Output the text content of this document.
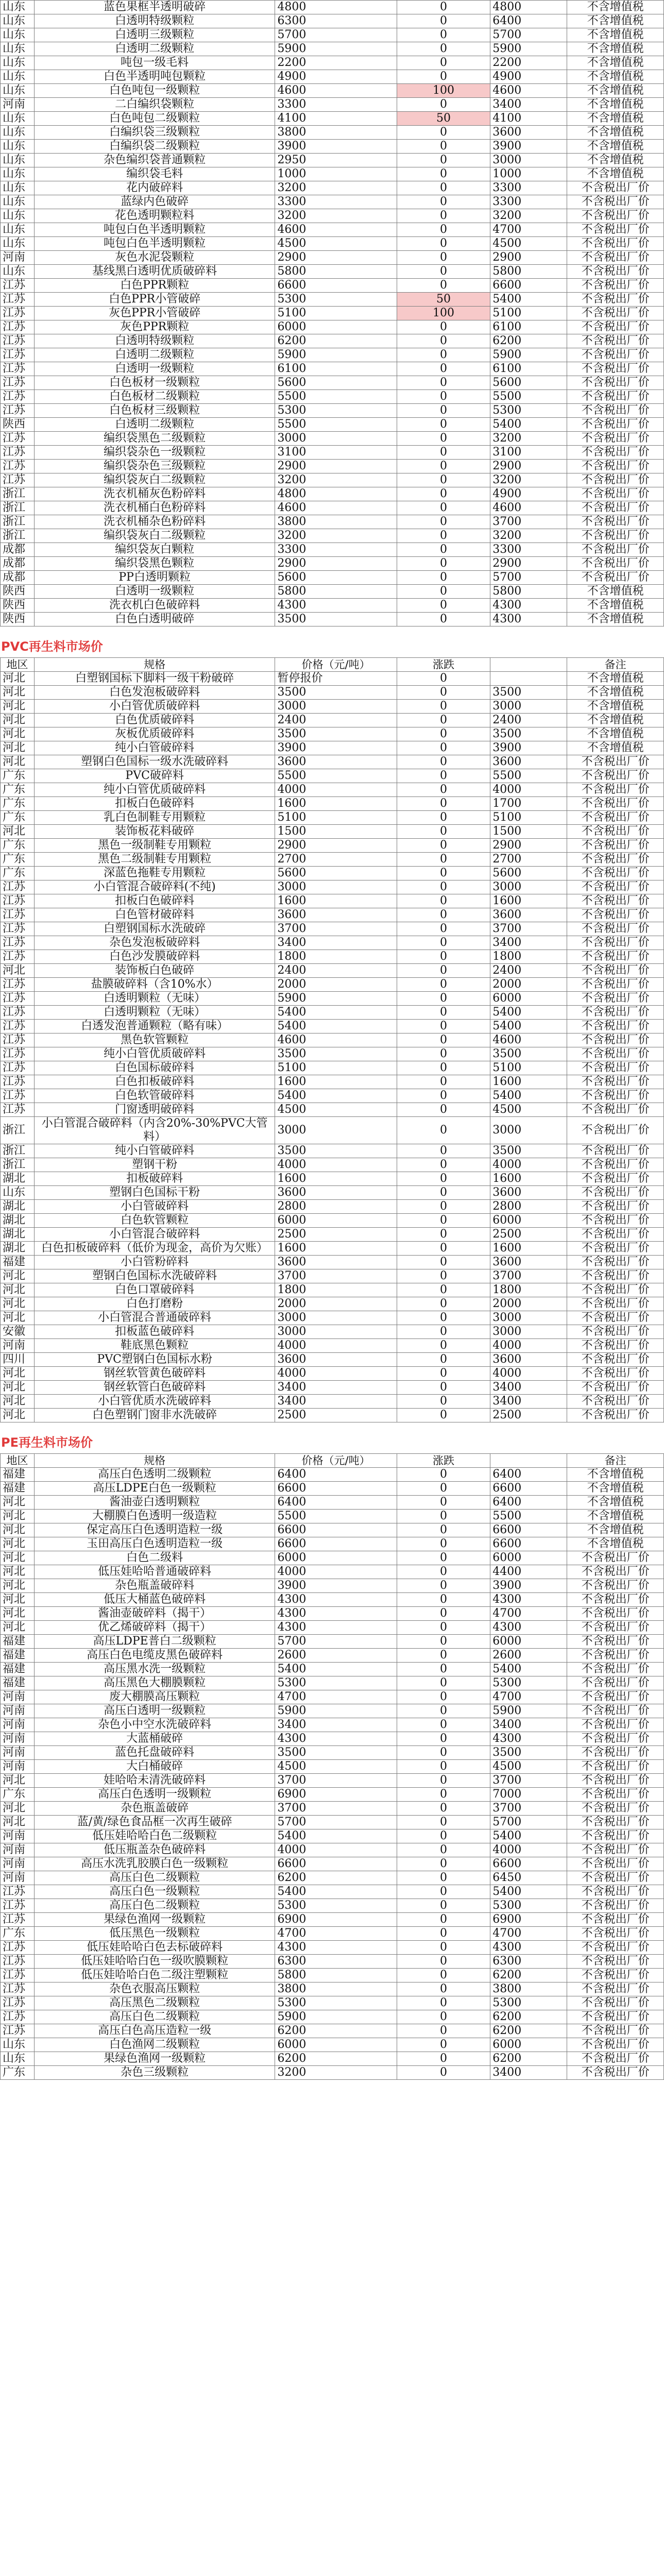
山东	蓝色果框半透明破碎	4800	0	4800	不含增值税
山东	白透明特级颗粒	6300	0	6400	不含增值税
山东	白透明三级颗粒	5700	0	5700	不含增值税
山东	白透明二级颗粒	5900	0	5900	不含增值税
山东	吨包一级毛料	2200	0	2200	不含增值税
山东	白色半透明吨包颗粒	4900	0	4900	不含增值税
山东	白色吨包一级颗粒	4600	100	4600	不含增值税
河南	二白编织袋颗粒	3300	0	3400	不含增值税
山东	白色吨包二级颗粒	4100	50	4100	不含增值税
山东	白编织袋三级颗粒	3800	0	3600	不含增值税
山东	白编织袋二级颗粒	3900	0	3900	不含增值税
山东	杂色编织袋普通颗粒	2950	0	3000	不含增值税
山东	编织袋毛料	1000	0	1000	不含增值税
山东	花内破碎料	3200	0	3300	不含税出厂价
山东	蓝绿内色破碎	3300	0	3300	不含税出厂价
山东	花色透明颗粒料	3200	0	3200	不含税出厂价
山东	吨包白色半透明颗粒	4600	0	4700	不含税出厂价
山东	吨包白色半透明颗粒	4500	0	4500	不含税出厂价
河南	灰色水泥袋颗粒	2900	0	2900	不含税出厂价
山东	基线黑白透明优质破碎料	5800	0	5800	不含税出厂价
江苏	白色PPR颗粒	6600	0	6600	不含税出厂价
江苏	白色PPR小管破碎	5300	50	5400	不含税出厂价
江苏	灰色PPR小管破碎	5100	100	5100	不含税出厂价
江苏	灰色PPR颗粒	6000	0	6100	不含税出厂价
江苏	白透明特级颗粒	6200	0	6200	不含税出厂价
江苏	白透明二级颗粒	5900	0	5900	不含税出厂价
江苏	白透明一级颗粒	6100	0	6100	不含税出厂价
江苏	白色板材一级颗粒	5600	0	5600	不含税出厂价
江苏	白色板材二级颗粒	5500	0	5500	不含税出厂价
江苏	白色板材三级颗粒	5300	0	5300	不含税出厂价
陕西	白透明二级颗粒	5500	0	5400	不含税出厂价
江苏	编织袋黑色二级颗粒	3000	0	3200	不含税出厂价
江苏	编织袋杂色一级颗粒	3100	0	3100	不含税出厂价
江苏	编织袋杂色三级颗粒	2900	0	2900	不含税出厂价
江苏	编织袋灰白二级颗粒	3200	0	3200	不含税出厂价
浙江	洗衣机桶灰色粉碎料	4800	0	4900	不含税出厂价
浙江	洗衣机桶白色粉碎料	4600	0	4600	不含税出厂价
浙江	洗衣机桶杂色粉碎料	3800	0	3700	不含税出厂价
浙江	编织袋灰白二级颗粒	3200	0	3200	不含税出厂价
成都	编织袋灰白颗粒	3300	0	3300	不含税出厂价
成都	编织袋黑色颗粒	2900	0	2900	不含税出厂价
成都	PP白透明颗粒	5600	0	5700	不含税出厂价
陕西	白透明一级颗粒	5800	0	5800	不含增值税
陕西	洗衣机白色破碎料	4300	0	4300	不含增值税
陕西	白色白透明破碎	3500	0	4300	不含增值税
PVC再生料市场价
地区	规格	价格（元/吨）	涨跌		备注
河北	白塑钢国标下脚料一级干粉破碎	暂停报价	0		不含增值税
河北	白色发泡板破碎料	3500	0	3500	不含增值税
河北	小白管优质破碎料	3000	0	3000	不含增值税
河北	白色优质破碎料	2400	0	2400	不含增值税
河北	灰板优质破碎料	3500	0	3500	不含增值税
河北	纯小白管破碎料	3900	0	3900	不含增值税
河北	塑钢白色国标一级水洗破碎料	3600	0	3600	不含税出厂价
广东	PVC破碎料	5500	0	5500	不含税出厂价
广东	纯小白管优质破碎料	4000	0	4000	不含税出厂价
广东	扣板白色破碎料	1600	0	1700	不含税出厂价
广东	乳白色制鞋专用颗粒	5100	0	5100	不含税出厂价
河北	装饰板花料破碎	1500	0	1500	不含税出厂价
广东	黑色一级制鞋专用颗粒	2900	0	2900	不含税出厂价
广东	黑色二级制鞋专用颗粒	2700	0	2700	不含税出厂价
广东	深蓝色拖鞋专用颗粒	5600	0	5600	不含税出厂价
江苏	小白管混合破碎料(不纯)	3000	0	3000	不含税出厂价
江苏	扣板白色破碎料	1600	0	1600	不含税出厂价
江苏	白色管材破碎料	3600	0	3600	不含税出厂价
江苏	白塑钢国标水洗破碎	3700	0	3700	不含税出厂价
江苏	杂色发泡板破碎料	3400	0	3400	不含税出厂价
江苏	白色沙发膜破碎料	1800	0	1800	不含税出厂价
河北	装饰板白色破碎	2400	0	2400	不含税出厂价
江苏	盐膜破碎料（含10%水）	2000	0	2000	不含税出厂价
江苏	白透明颗粒（无味）	5900	0	6000	不含税出厂价
江苏	白透明颗粒（无味）	5400	0	5400	不含税出厂价
江苏	白透发泡普通颗粒（略有味）	5400	0	5400	不含税出厂价
江苏	黑色软管颗粒	4600	0	4600	不含税出厂价
江苏	纯小白管优质破碎料	3500	0	3500	不含税出厂价
江苏	白色国标破碎料	5100	0	5100	不含税出厂价
江苏	白色扣板破碎料	1600	0	1600	不含税出厂价
江苏	白色软管破碎料	5400	0	5400	不含税出厂价
江苏	门窗透明破碎料	4500	0	4500	不含税出厂价
浙江	小白管混合破碎料（内含20%-30%PVC大管料）	3000	0	3000	不含税出厂价
浙江	纯小白管破碎料	3500	0	3500	不含税出厂价
浙江	塑钢干粉	4000	0	4000	不含税出厂价
湖北	扣板破碎料	1600	0	1600	不含税出厂价
山东	塑钢白色国标干粉	3600	0	3600	不含税出厂价
湖北	小白管破碎料	2800	0	2800	不含税出厂价
湖北	白色软管颗粒	6000	0	6000	不含税出厂价
湖北	小白管混合破碎料	2500	0	2500	不含税出厂价
湖北	白色扣板破碎料（低价为现金，高价为欠账）	1600	0	1600	不含税出厂价
福建	小白管粉碎料	3600	0	3600	不含税出厂价
河北	塑钢白色国标水洗破碎料	3700	0	3700	不含税出厂价
河北	白色口罩破碎料	1800	0	1800	不含税出厂价
河北	白色打磨粉	2000	0	2000	不含税出厂价
河北	小白管混合普通破碎料	3000	0	3000	不含税出厂价
安徽	扣板蓝色破碎料	3000	0	3000	不含税出厂价
河南	鞋底黑色颗粒	4000	0	4000	不含税出厂价
四川	PVC塑钢白色国标水粉	3600	0	3600	不含税出厂价
河北	钢丝软管黄色破碎料	4000	0	4000	不含税出厂价
河北	钢丝软管白色破碎料	3400	0	3400	不含税出厂价
河北	小白管优质水洗破碎料	3400	0	3400	不含税出厂价
河北	白色塑钢门窗非水洗破碎	2500	0	2500	不含税出厂价
PE再生料市场价
地区	规格	价格（元/吨）	涨跌		备注
福建	高压白色透明二级颗粒	6400	0	6400	不含增值税
福建	高压LDPE白色一级颗粒	6600	0	6600	不含增值税
河北	酱油壶白透明颗粒	6400	0	6400	不含增值税
河北	大棚膜白色透明一级造粒	5500	0	5500	不含增值税
河北	保定高压白色透明造粒一级	6600	0	6600	不含增值税
河北	玉田高压白色透明造粒一级	6600	0	6600	不含增值税
河北	白色二级料	6000	0	6000	不含税出厂价
河北	低压娃哈哈普通破碎料	4000	0	4400	不含税出厂价
河北	杂色瓶盖破碎料	3900	0	3900	不含税出厂价
河北	低压大桶蓝色破碎料	4300	0	4300	不含税出厂价
河北	酱油壶破碎料（揭干）	4300	0	4700	不含税出厂价
河北	优乙烯破碎料（揭干）	4300	0	4300	不含税出厂价
福建	高压LDPE普白二级颗粒	5700	0	6000	不含税出厂价
福建	高压白色电缆皮黑色破碎料	2600	0	2600	不含税出厂价
福建	高压黑水洗一级颗粒	5400	0	5400	不含税出厂价
福建	高压黑色大棚膜颗粒	5300	0	5300	不含税出厂价
河南	废大棚膜高压颗粒	4700	0	4700	不含税出厂价
河南	高压白透明一级颗粒	5900	0	5900	不含税出厂价
河南	杂色小中空水洗破碎料	3400	0	3400	不含税出厂价
河南	大蓝桶破碎	4300	0	4300	不含税出厂价
河南	蓝色托盘破碎料	3500	0	3500	不含税出厂价
河南	大白桶破碎	4500	0	4500	不含税出厂价
河北	娃哈哈未清洗破碎料	3700	0	3700	不含税出厂价
广东	高压白色透明一级颗粒	6900	0	7000	不含税出厂价
河北	杂色瓶盖破碎	3700	0	3700	不含税出厂价
河北	蓝/黄/绿色食品框一次再生破碎	5700	0	5700	不含税出厂价
河南	低压娃哈哈白色二级颗粒	5400	0	5400	不含税出厂价
河南	低压瓶盖杂色破碎料	4000	0	4000	不含税出厂价
河南	高压水洗乳胶膜白色一级颗粒	6600	0	6600	不含税出厂价
河南	高压白色二级颗粒	6200	0	6450	不含税出厂价
江苏	高压白色一级颗粒	5400	0	5400	不含税出厂价
江苏	高压白色二级颗粒	5300	0	5300	不含税出厂价
江苏	果绿色渔网一级颗粒	6900	0	6900	不含税出厂价
广东	低压黑色一级颗粒	4700	0	4700	不含税出厂价
江苏	低压娃哈哈白色去标破碎料	4300	0	4300	不含税出厂价
江苏	低压娃哈哈白色一级吹膜颗粒	6300	0	6300	不含税出厂价
江苏	低压娃哈哈白色二级注塑颗粒	5800	0	6200	不含税出厂价
江苏	杂色衣服高压颗粒	3800	0	3800	不含税出厂价
江苏	高压黑色二级颗粒	5300	0	5300	不含税出厂价
江苏	高压白色二级颗粒	5900	0	6200	不含税出厂价
江苏	高压白色高压造粒一级	6200	0	6200	不含税出厂价
山东	白色渔网二级颗粒	6000	0	6000	不含税出厂价
山东	果绿色渔网一级颗粒	6200	0	6200	不含税出厂价
广东	杂色三级颗粒	3200	0	3400	不含税出厂价
